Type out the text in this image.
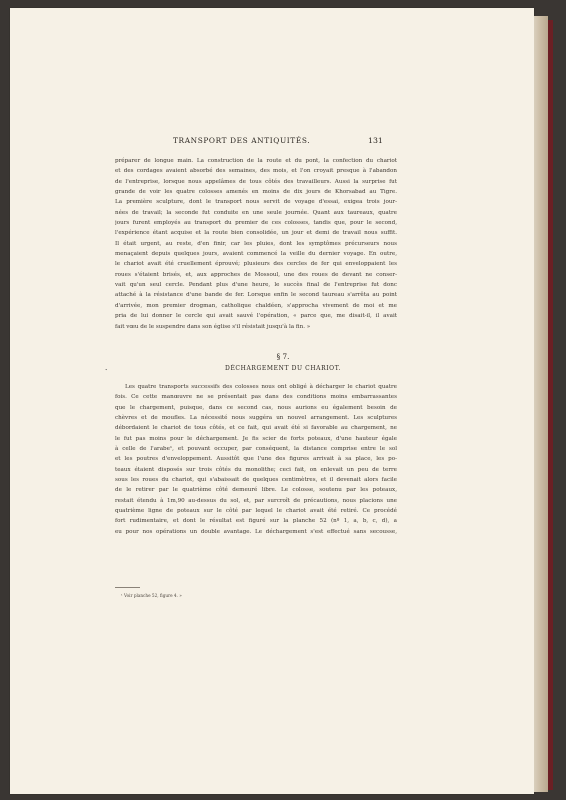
TRANSPORT DES ANTIQUITÉS.	131
préparer de longue main. La construction de la route et du pont, la confection du chariot
et des cordages avaient absorbé des semaines, des mois, et l'on croyait presque à l'abandon
de l'entreprise, lorsque nous appelâmes de tous côtés des travailleurs. Aussi la surprise fut
grande de voir les quatre colosses amenés en moins de dix jours de Khorsabad au Tigre.
La première sculpture, dont le transport nous servit de voyage d'essai, exigea trois jour-
nées de travail; la seconde fut conduite en une seule journée. Quant aux taureaux, quatre
jours furent employés au transport du premier de ces colosses, tandis que, pour le second,
l'expérience étant acquise et la route bien consolidée, un jour et demi de travail nous suffit.
Il était urgent, au reste, d'en finir, car les pluies, dont les symptômes précurseurs nous
menaçaient depuis quelques jours, avaient commencé la veille du dernier voyage. En outre,
le chariot avait été cruellement éprouvé; plusieurs des cercles de fer qui enveloppaient les
roues s'étaient brisés, et, aux approches de Mossoul, une des roues de devant ne conser-
vait qu'un seul cercle. Pendant plus d'une heure, le succès final de l'entreprise fut donc
attaché à la résistance d'une bande de fer. Lorsque enfin le second taureau s'arrêta au point
d'arrivée, mon premier drogman, catholique chaldéen, s'approcha vivement de moi et me
pria de lui donner le cercle qui avait sauvé l'opération, « parce que, me disait-il, il avait
fait vœu de le suspendre dans son église s'il résistait jusqu'à la fin. »
§ 7.
•	DÉCHARGEMENT DU CHARIOT.
Les quatre transports successifs des colosses nous ont obligé à décharger le chariot quatre
fois. Ce cette manœuvre ne se présentait pas dans des conditions moins embarrassantes
que le chargement, puisque, dans ce second cas, nous aurions eu également besoin de
chèvres et de moufles. La nécessité nous suggéra un nouvel arrangement. Les sculptures
débordaient le chariot de tous côtés, et ce fait, qui avait été si favorable au chargement, ne
le fut pas moins pour le déchargement. Je fis scier de forts poteaux, d'une hauteur égale
à celle de l'arabe¹, et pouvant occuper, par conséquent, la distance comprise entre le sol
et les poutres d'enveloppement. Aussitôt que l'une des figures arrivait à sa place, les po-
teaux étaient disposés sur trois côtés du monolithe; ceci fait, on enlevait un peu de terre
sous les roues du chariot, qui s'abaissait de quelques centimètres, et il devenait alors facile
de le retirer par le quatrième côté demeuré libre. Le colosse, soutenu par les poteaux,
restait étendu à 1m,90 au-dessus du sol, et, par surcroît de précautions, nous placions une
quatrième ligne de poteaux sur le côté par lequel le chariot avait été retiré. Ce procédé
fort rudimentaire, et dont le résultat est figuré sur la planche 52 (nº 1, a, b, c, d), a
eu pour nos opérations un double avantage. Le déchargement s'est effectué sans secousse,
¹ Voir planche 52, figure 4. »
